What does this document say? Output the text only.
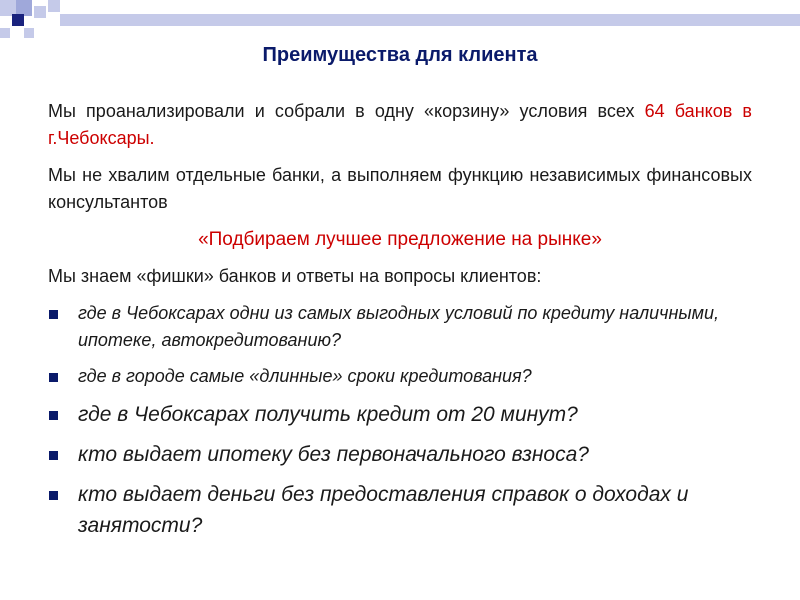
Преимущества для клиента

Мы проанализировали и собрали в одну «корзину» условия всех 64 банков в г.Чебоксары.

Мы не хвалим отдельные банки, а выполняем функцию независимых финансовых консультантов

«Подбираем лучшее предложение на рынке»

Мы знаем «фишки» банков и ответы на вопросы клиентов:

где в Чебоксарах одни из самых выгодных условий по кредиту наличными, ипотеке, автокредитованию?
где в городе самые «длинные» сроки кредитования?
где в Чебоксарах получить кредит от 20 минут?
кто выдает ипотеку без первоначального взноса?
кто выдает деньги без предоставления справок о доходах и занятости?
